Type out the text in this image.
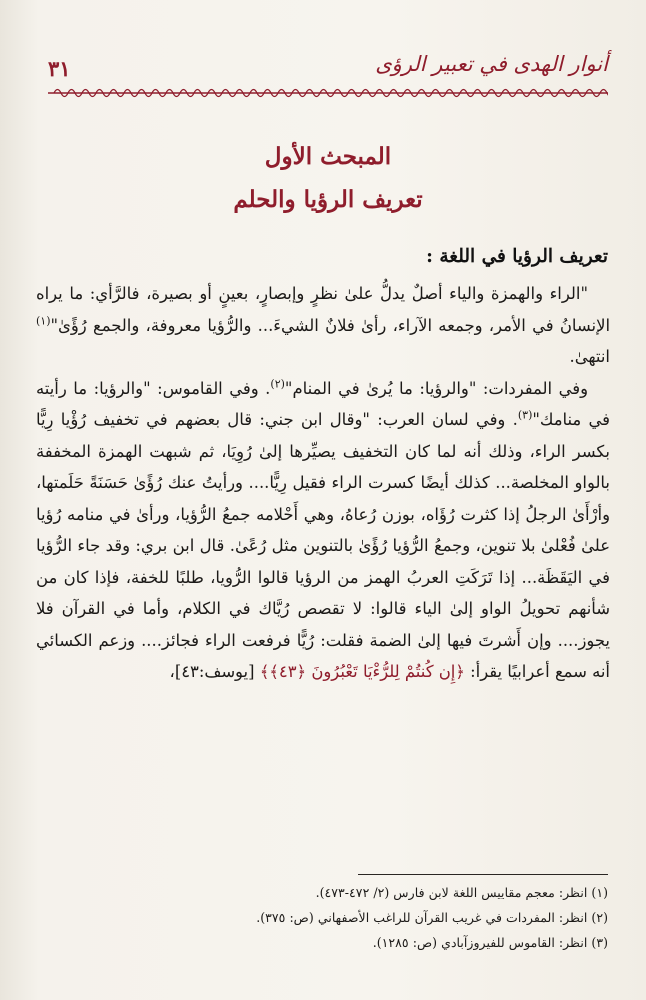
٣١	أنوار الهدى في تعبير الرؤى
المبحث الأول
تعريف الرؤيا والحلم
تعريف الرؤيا في اللغة :

"الراء والهمزة والياء أصلٌ يدلُّ علىٰ نظرٍ وإبصارٍ، بعينٍ أو بصيرة، فالرَّأي: ما يراه الإنسانُ في الأمر، وجمعه الآراء، رأىٰ فلانٌ الشيءَ... والرُّؤيا معروفة، والجمع رُؤًىٰ"$^{(١)}$ انتهىٰ.

وفي المفردات: "والرؤيا: ما يُرىٰ في المنام"$^{(٢)}$. وفي القاموس: "والرؤيا: ما رأيته في منامك"$^{(٣)}$. وفي لسان العرب: "وقال ابن جني: قال بعضهم في تخفيف رُؤْيا رِيًّا بكسر الراء، وذلك أنه لما كان التخفيف يصيِّرها إلىٰ رُوِيَا، ثم شبهت الهمزة المخففة بالواو المخلصة... كذلك أيضًا كسرت الراء فقيل رِيًّا.... ورأيتُ عنك رُؤًىٰ حَسَنَةً حَلَمتها، وأرْأَىٰ الرجلُ إذا كثرت رُؤَاه، بوزن رُعاهُ، وهي أَحْلامه جمعُ الرُّؤيا، ورأىٰ في منامه رُؤيا علىٰ فُعْلىٰ بلا تنوين، وجمعُ الرُّؤيا رُؤًىٰ بالتنوين مثل رُعًىٰ. قال ابن بري: وقد جاء الرُّؤيا في اليَقَظَة... إذا تَرَكَتِ العربُ الهمز من الرؤيا قالوا الرُّويا، طلبًا للخفة، فإذا كان من شأنهم تحويلُ الواو إلىٰ الياء قالوا: لا تقصص رُيَّاك في الكلام، وأما في القرآن فلا يجوز.... وإن أَشرتَ فيها إلىٰ الضمة فقلت: رُيًّا فرفعت الراء فجائز.... وزعم الكسائي أنه سمع أعرابيًا يقرأ: ﴿إِن كُنتُمْ لِلرُّءْيَا تَعْبُرُونَ ﴿٤٣﴾﴾ [يوسف:٤٣]،

(١) انظر: معجم مقاييس اللغة لابن فارس (٢/ ٤٧٢-٤٧٣).
(٢) انظر: المفردات في غريب القرآن للراغب الأصفهاني (ص: ٣٧٥).
(٣) انظر: القاموس للفيروزآبادي (ص: ١٢٨٥).
